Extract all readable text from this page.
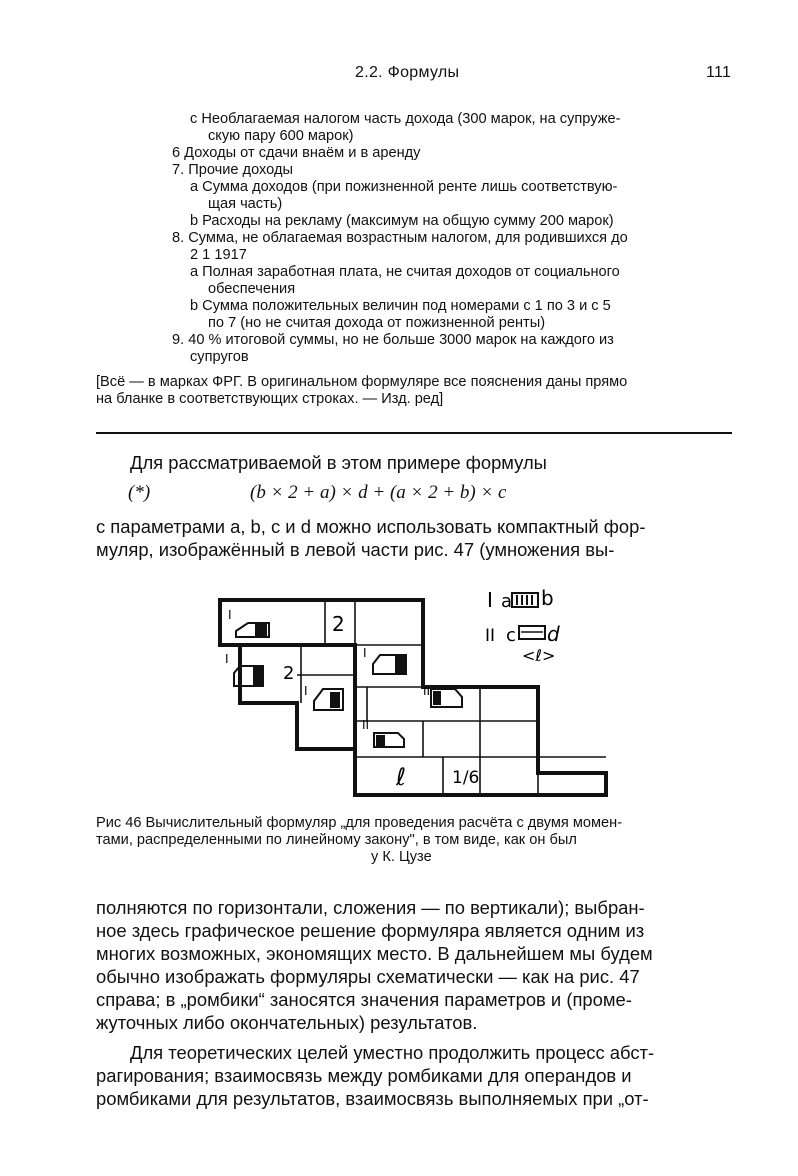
2.2. Формулы	111
c Необлагаемая налогом часть дохода (300 марок, на супруже-
скую пару 600 марок)
6 Доходы от сдачи внаём и в аренду
7. Прочие доходы
a Сумма доходов (при пожизненной ренте лишь соответствую-
щая часть)
b Расходы на рекламу (максимум на общую сумму 200 марок)
8. Сумма, не облагаемая возрастным налогом, для родившихся до
2 1 1917
a Полная заработная плата, не считая доходов от социального
обеспечения
b Сумма положительных величин под номерами с 1 по 3 и с 5
по 7 (но не считая дохода от пожизненной ренты)
9. 40 % итоговой суммы, но не больше 3000 марок на каждого из
супругов
[Всё — в марках ФРГ. В оригинальном формуляре все пояснения даны прямо
на бланке в соответствующих строках. — Изд. ред]
Для рассматриваемой в этом примере формулы
(*)	(b × 2 + a) × d + (a × 2 + b) × c
с параметрами a, b, c и d можно использовать компактный фор-
муляр, изображённый в левой части рис. 47 (умножения вы-
I	2
I
2
I
I	II
II
ℓ	1/6
I a b
II c d
<ℓ>
Рис 46 Вычислительный формуляр „для проведения расчёта с двумя момен-
тами, распределенными по линейному закону", в том виде, как он был
у К. Цузе
полняются по горизонтали, сложения — по вертикали); выбран-
ное здесь графическое решение формуляра является одним из
многих возможных, экономящих место. В дальнейшем мы будем
обычно изображать формуляры схематически — как на рис. 47
справа; в „ромбики“ заносятся значения параметров и (проме-
жуточных либо окончательных) результатов.
Для теоретических целей уместно продолжить процесс абст-
рагирования; взаимосвязь между ромбиками для операндов и
ромбиками для результатов, взаимосвязь выполняемых при „от-
